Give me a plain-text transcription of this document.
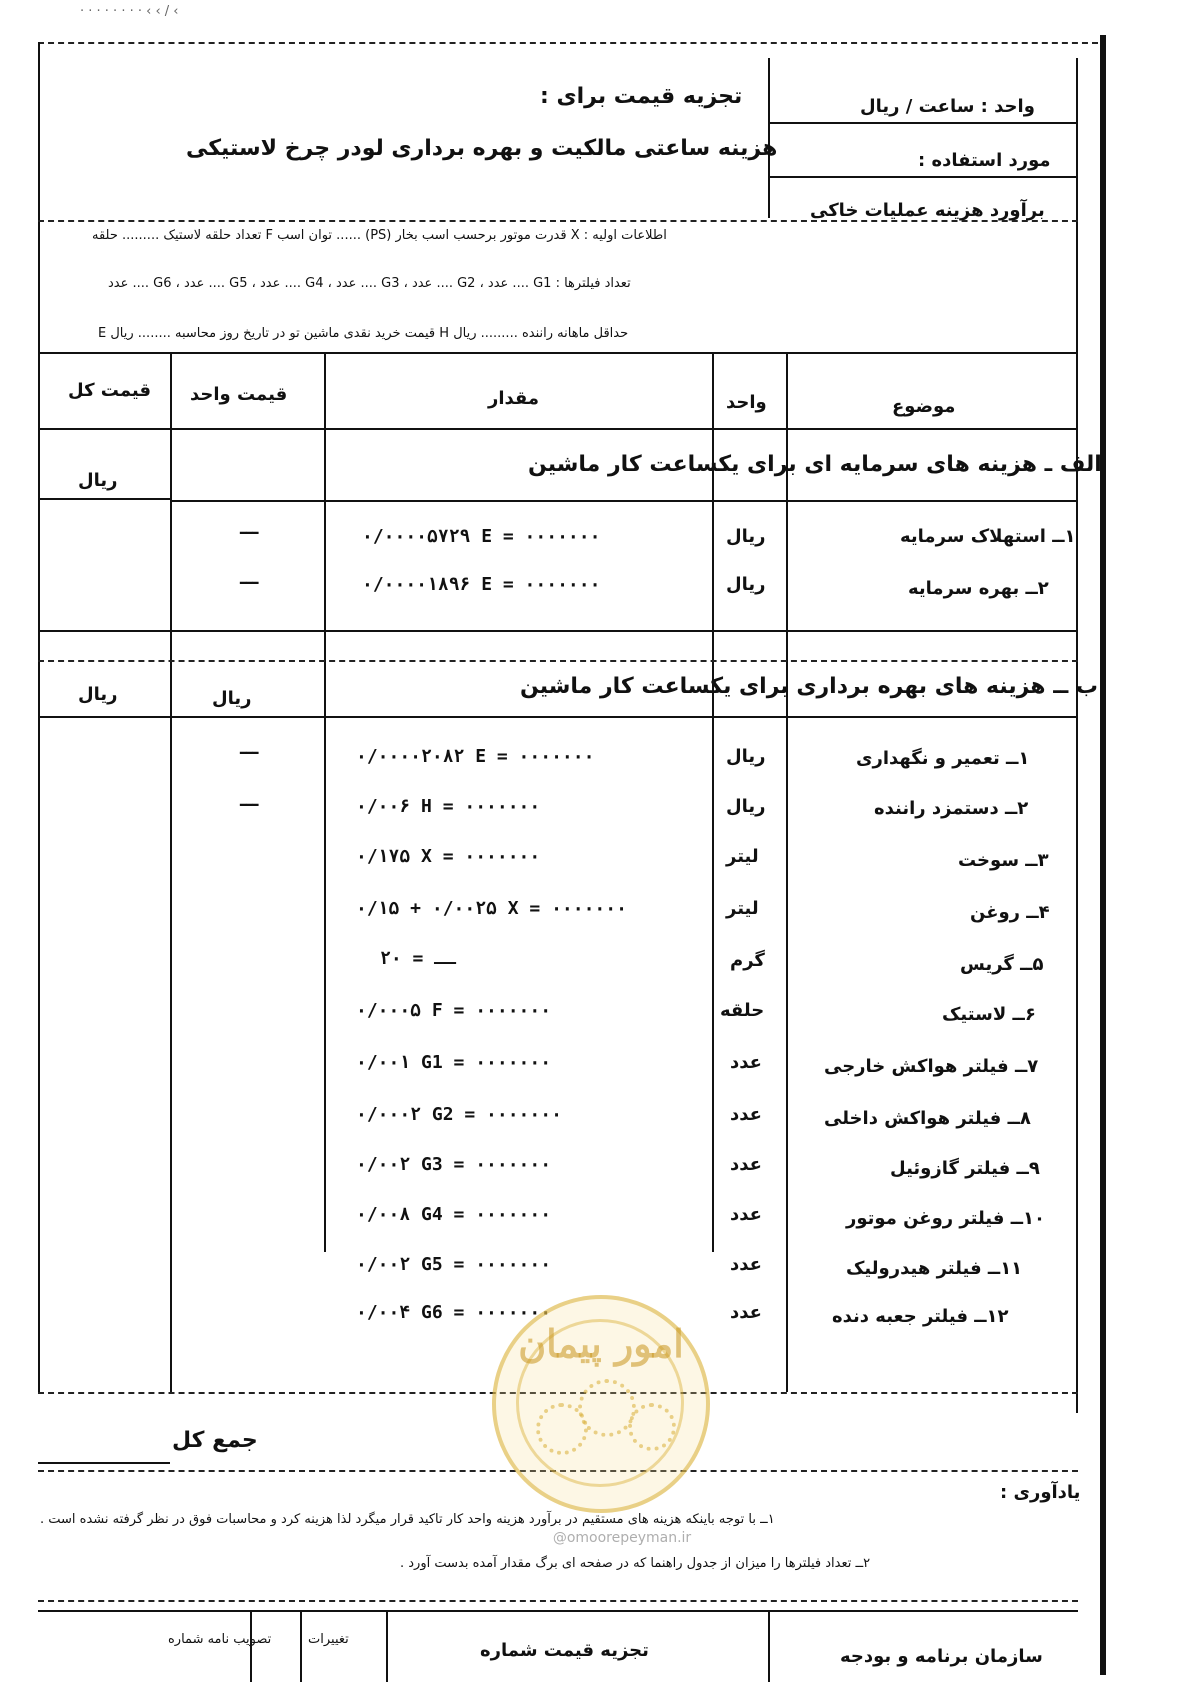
· · · · · · · · ‹ ‹ / ‹
تجزیه قیمت برای :
هزینه ساعتی مالکیت و بهره برداری لودر چرخ لاستیکی
واحد : ساعت / ریال
مورد استفاده :
برآورد هزینه عملیات خاکی
اطلاعات اولیه : X قدرت موتور برحسب اسب بخار (PS) ...... توان اسب F تعداد حلقه لاستیک ......... حلقه
تعداد فیلترها : G1 .... عدد ، G2 .... عدد ، G3 .... عدد ، G4 .... عدد ، G5 .... عدد ، G6 .... عدد
E قیمت خرید نقدی ماشین تو در تاریخ روز محاسبه ........ ریال H حداقل ماهانه راننده ......... ریال
موضوع
واحد
مقدار
قیمت واحد
قیمت کل
الف ـ هزینه های سرمایه ای برای یکساعت کار ماشین
ریال
۱ــ استهلاک سرمایه
ریال
۰/۰۰۰۰۵۷۲۹ E = ۰۰۰۰۰۰۰
ـــ
۲ــ بهره سرمایه
ریال
۰/۰۰۰۰۱۸۹۶ E = ۰۰۰۰۰۰۰
ـــ
ب ــ هزینه های بهره برداری برای یکساعت کار ماشین
ریال
ریال
۱ــ تعمیر و نگهداری
ریال
۰/۰۰۰۰۲۰۸۲ E = ۰۰۰۰۰۰۰
ـــ
۲ــ دستمزد راننده
ریال
۰/۰۰۶ H = ۰۰۰۰۰۰۰
ـــ
۳ــ سوخت
لیتر
۰/۱۷۵ X = ۰۰۰۰۰۰۰
۴ــ روغن
لیتر
۰/۱۵ + ۰/۰۰۲۵ X = ۰۰۰۰۰۰۰
۵ــ گریس
گرم
ــ = ۲۰
۶ــ لاستیک
حلقه
۰/۰۰۰۵ F = ۰۰۰۰۰۰۰
۷ــ فیلتر هواکش خارجی
عدد
۰/۰۰۱ G1 = ۰۰۰۰۰۰۰
۸ــ فیلتر هواکش داخلی
عدد
۰/۰۰۰۲ G2 = ۰۰۰۰۰۰۰
۹ــ فیلتر گازوئیل
عدد
۰/۰۰۲ G3 = ۰۰۰۰۰۰۰
۱۰ــ فیلتر روغن موتور
عدد
۰/۰۰۸ G4 = ۰۰۰۰۰۰۰
۱۱ــ فیلتر هیدرولیک
عدد
۰/۰۰۲ G5 = ۰۰۰۰۰۰۰
۱۲ــ فیلتر جعبه دنده
عدد
۰/۰۰۴ G6 = ۰۰۰۰۰۰۰
جمع کل
یادآوری :
۱ــ با توجه باینکه هزینه های مستقیم در برآورد هزینه واحد کار تاکید قرار میگرد لذا هزینه کرد و محاسبات فوق در نظر گرفته نشده است .
۲ــ تعداد فیلترها را میزان از جدول راهنما که در صفحه ای برگ مقدار آمده بدست آورد .
سازمان برنامه و بودجه
تجزیه قیمت شماره
تغییرات
تصویب نامه شماره
امور پیمان
@omoorepeyman.ir
